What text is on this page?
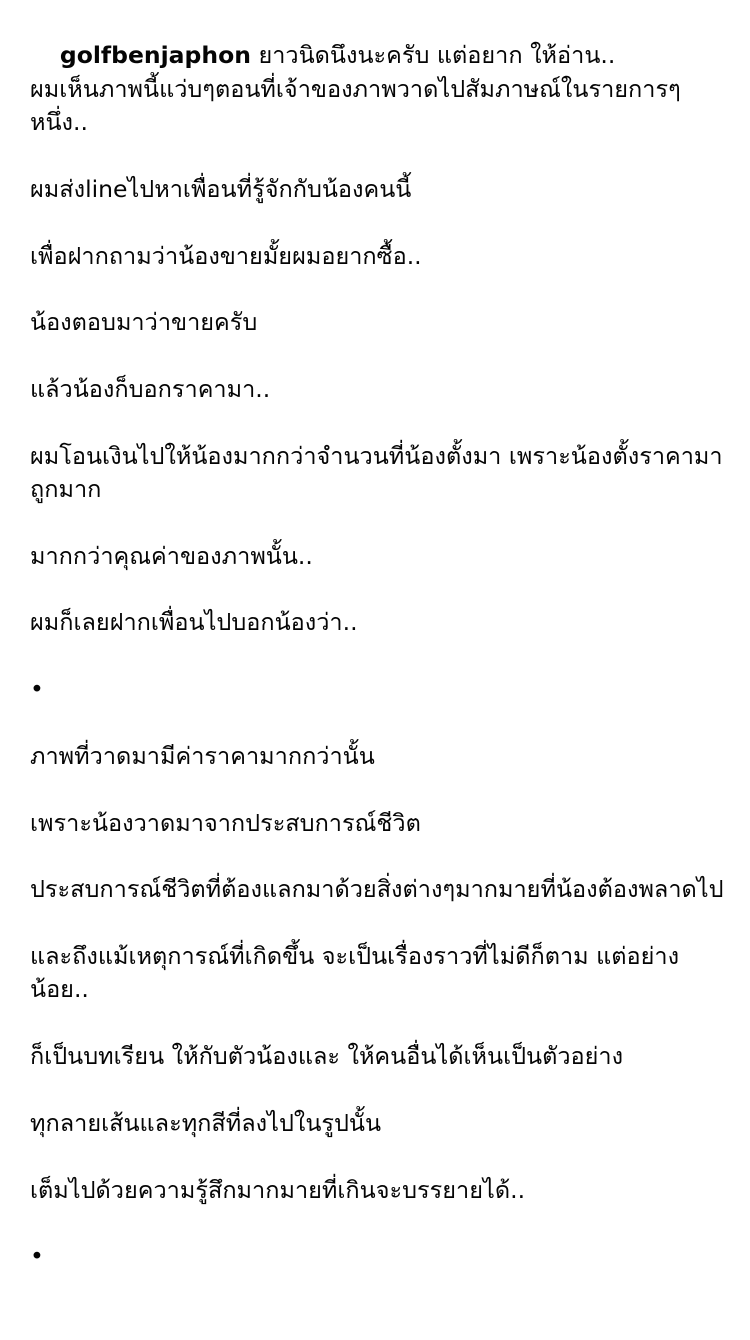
golfbenjaphon ยาวนิดนึงนะครับ แต่อยาก ให้อ่าน..

ผมเห็นภาพนี้แว่บๆตอนที่เจ้าของภาพวาดไปสัมภาษณ์ในรายการๆหนึ่ง..

ผมส่งlineไปหาเพื่อนที่รู้จักกับน้องคนนี้

เพื่อฝากถามว่าน้องขายมั้ยผมอยากซื้อ..

น้องตอบมาว่าขายครับ

แล้วน้องก็บอกราคามา..

ผมโอนเงินไปให้น้องมากกว่าจำนวนที่น้องตั้งมา เพราะน้องตั้งราคามาถูกมาก

มากกว่าคุณค่าของภาพนั้น..

ผมก็เลยฝากเพื่อนไปบอกน้องว่า..

•

ภาพที่วาดมามีค่าราคามากกว่านั้น

เพราะน้องวาดมาจากประสบการณ์ชีวิต

ประสบการณ์ชีวิตที่ต้องแลกมาด้วยสิ่งต่างๆมากมายที่น้องต้องพลาดไป

และถึงแม้เหตุการณ์ที่เกิดขึ้น จะเป็นเรื่องราวที่ไม่ดีก็ตาม แต่อย่างน้อย..

ก็เป็นบทเรียน ให้กับตัวน้องและ ให้คนอื่นได้เห็นเป็นตัวอย่าง

ทุกลายเส้นและทุกสีที่ลงไปในรูปนั้น

เต็มไปด้วยความรู้สึกมากมายที่เกินจะบรรยายได้..

•
